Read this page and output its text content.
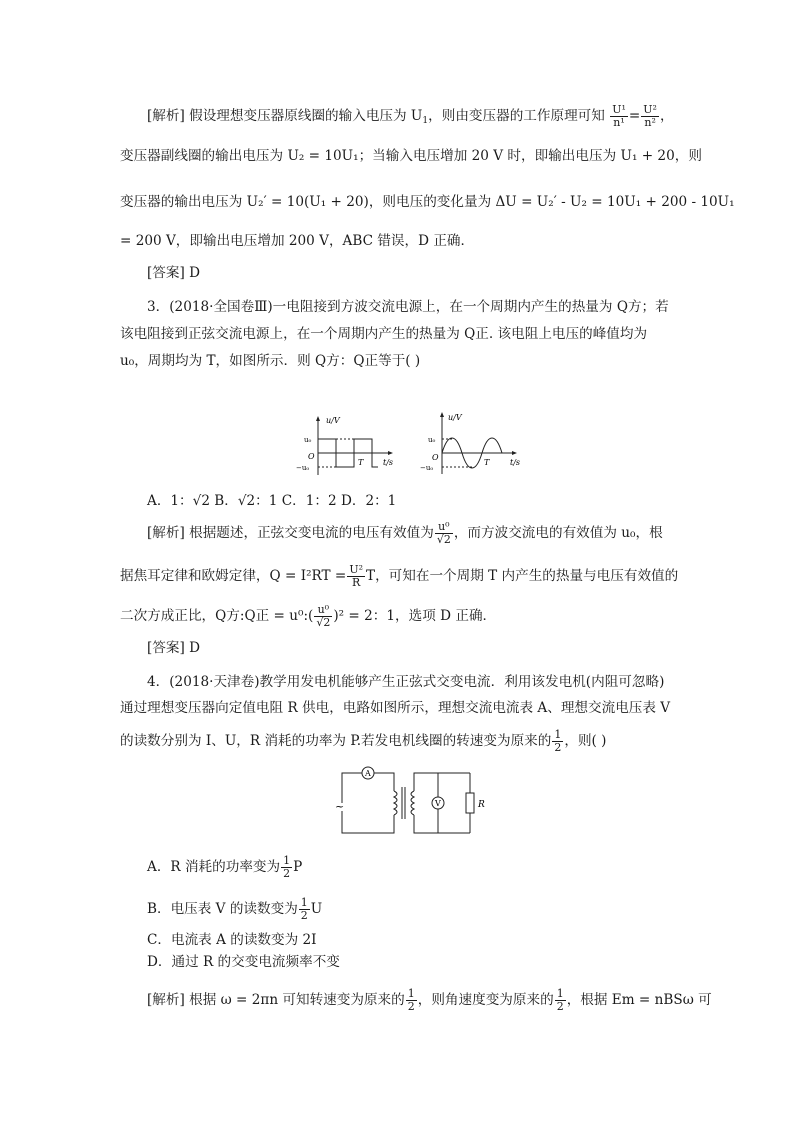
[解析] 假设理想变压器原线圈的输入电压为 $U_1$，则由变压器的工作原理可知 $\frac{\text{U¹}}{\text{n¹}} = \frac{\text{U²}}{\text{n²}}$ ，
变压器副线圈的输出电压为 U₂ = 10U₁；当输入电压增加 20 V 时，即输出电压为 U₁ + 20，则
变压器的输出电压为 U₂′ = 10(U₁ + 20)，则电压的变化量为 ΔU = U₂′ - U₂ = 10U₁ + 200 - 10U₁
= 200 V，即输出电压增加 200 V，ABC 错误，D 正确．
[答案] D
3．(2018·全国卷Ⅲ)一电阻接到方波交流电源上，在一个周期内产生的热量为 Q方；若
该电阻接到正弦交流电源上，在一个周期内产生的热量为 Q正. 该电阻上电压的峰值均为
u₀，周期均为 T，如图所示．则 Q方：Q正等于( )
u/V
u₀
O
−u₀
T t/s
u/V
u₀
O
−u₀
T	t/s
A．1：√2 B．√2：1 C．1：2 D．2：1
[解析] 根据题述，正弦交变电流的电压有效值为 $\frac{\text{u⁰}}{√2}$ ，而方波交流电的有效值为 u₀，根
据焦耳定律和欧姆定律，$Q = I^2RT = \frac{\text{U²}}{R}$ T，可知在一个周期 T 内产生的热量与电压有效值的
二次方成正比，Q方:Q正 = u⁰:( $\frac{\text{u⁰}}{√2} )^2 = 2$：1，选项 D 正确．
[答案] D
4．(2018·天津卷)教学用发电机能够产生正弦式交变电流．利用该发电机(内阻可忽略)
通过理想变压器向定值电阻 R 供电，电路如图所示，理想交流电流表 A、理想交流电压表 V
的读数分别为 I、U，R 消耗的功率为 P.若发电机线圈的转速变为原来的 $\frac{1}{2}$ ，则( )
A
~	V	R
A．R 消耗的功率变为 $\frac{1}{2}$ P
B．电压表 V 的读数变为 $\frac{1}{2}$ U
C．电流表 A 的读数变为 2I
D．通过 R 的交变电流频率不变
[解析] 根据 ω = 2πn 可知转速变为原来的 $\frac{1}{2}$ ，则角速度变为原来的 $\frac{1}{2}$ ，根据 Em = nBSω 可
